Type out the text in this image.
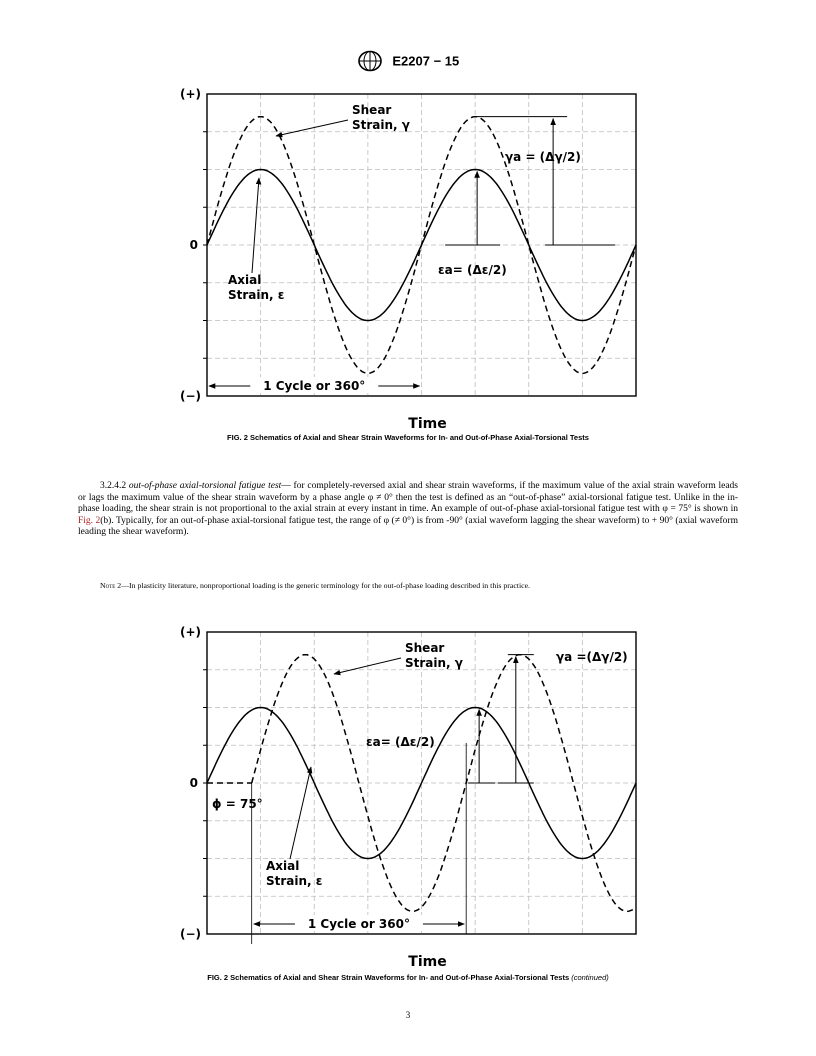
E2207 − 15
(+)
0
(−)
Time
Shear
Strain, γ
Axial
Strain, ε
γa = (Δγ/2)
εa= (Δε/2)
1 Cycle or 360°
FIG. 2 Schematics of Axial and Shear Strain Waveforms for In- and Out-of-Phase Axial-Torsional Tests

3.2.4.2 out-of-phase axial-torsional fatigue test— for completely-reversed axial and shear strain waveforms, if the maximum value of the axial strain waveform leads or lags the maximum value of the shear strain waveform by a phase angle φ ≠ 0° then the test is defined as an “out-of-phase” axial-torsional fatigue test. Unlike in the in-phase loading, the shear strain is not proportional to the axial strain at every instant in time. An example of out-of-phase axial-torsional fatigue test with φ = 75° is shown in Fig. 2(b). Typically, for an out-of-phase axial-torsional fatigue test, the range of φ (≠ 0°) is from -90° (axial waveform lagging the shear waveform) to + 90° (axial waveform leading the shear waveform).

Note 2—In plasticity literature, nonproportional loading is the generic terminology for the out-of-phase loading described in this practice.
(+)
0
(−)
Time
Shear
Strain, γ
Axial
Strain, ε
γa =(Δγ/2)
εa= (Δε/2)
ϕ = 75°
1 Cycle or 360°
FIG. 2 Schematics of Axial and Shear Strain Waveforms for In- and Out-of-Phase Axial-Torsional Tests (continued)
3
